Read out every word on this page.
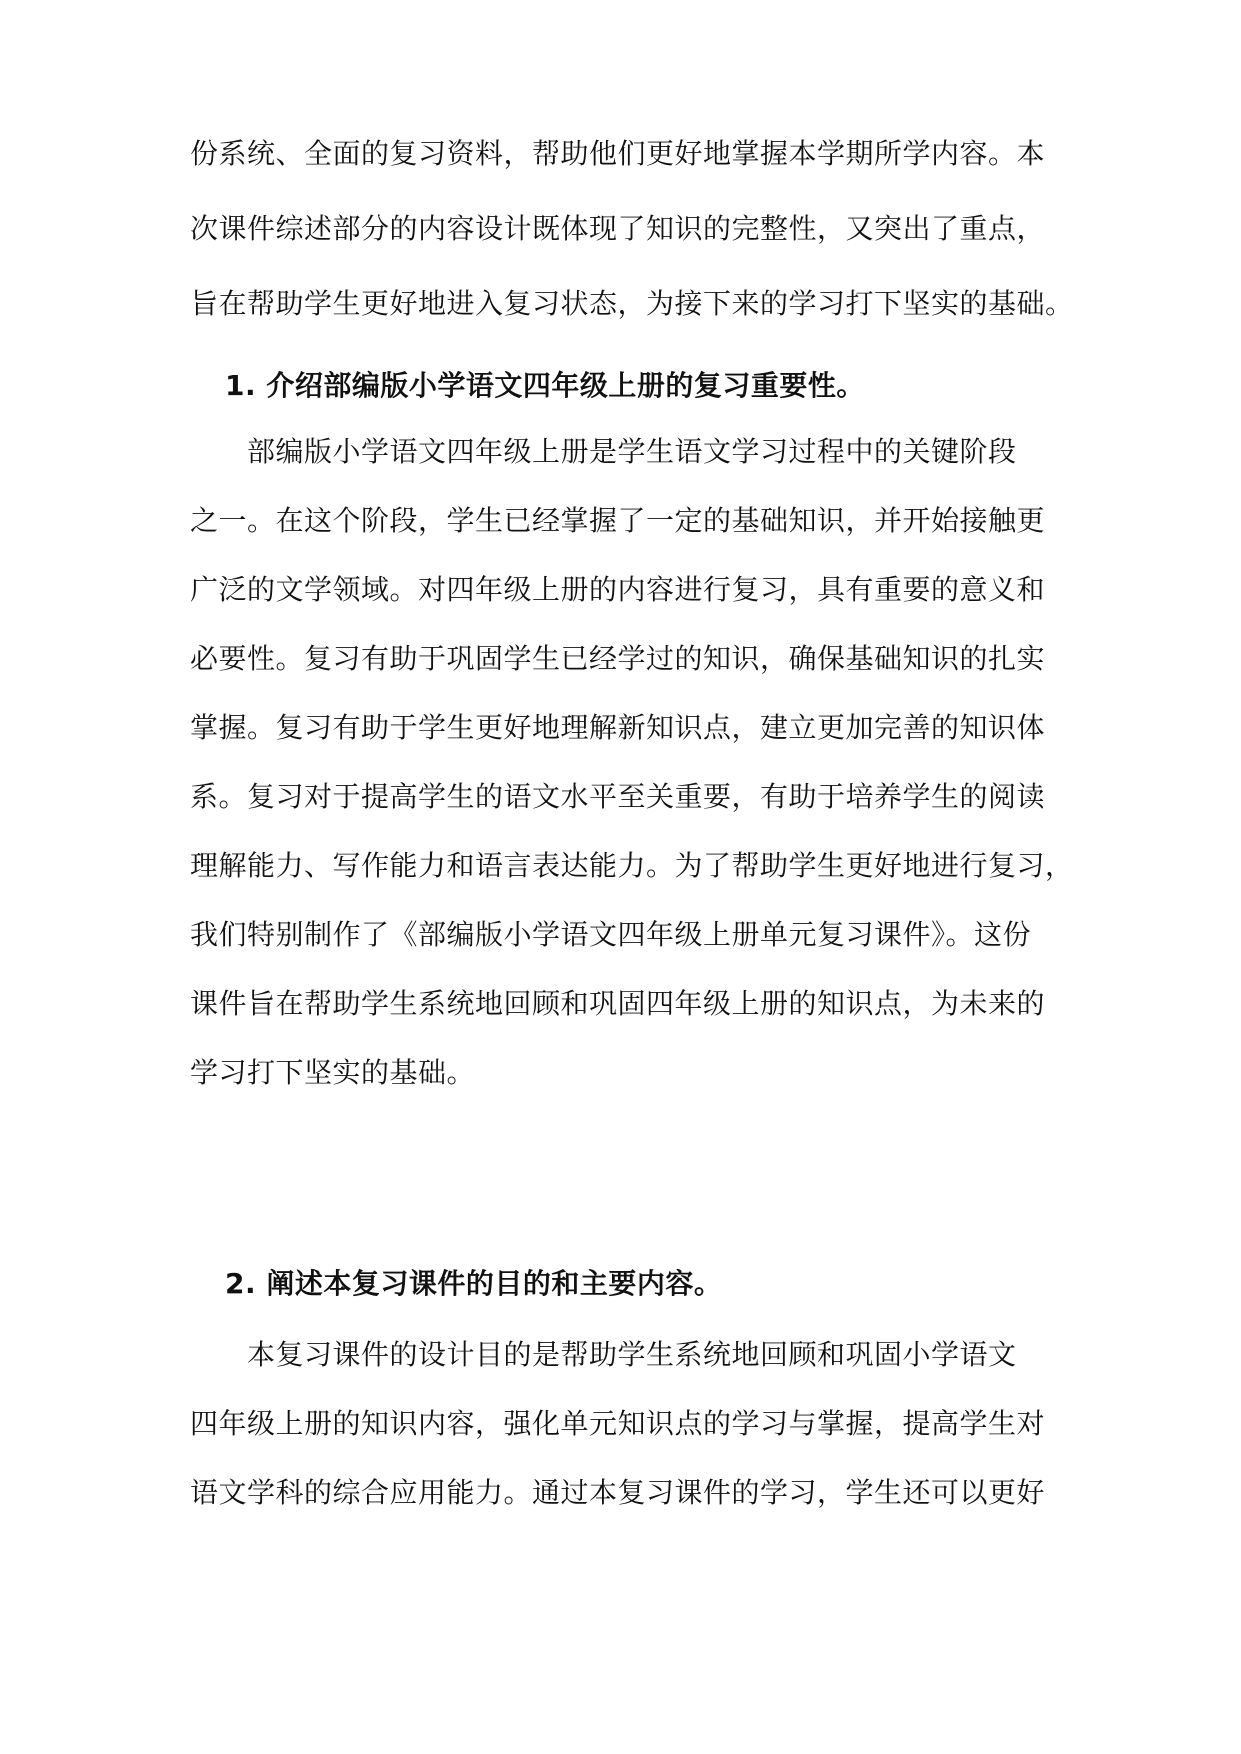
份系统、全面的复习资料，帮助他们更好地掌握本学期所学内容。本
次课件综述部分的内容设计既体现了知识的完整性，又突出了重点，
旨在帮助学生更好地进入复习状态，为接下来的学习打下坚实的基础。
1. 介绍部编版小学语文四年级上册的复习重要性。
　　部编版小学语文四年级上册是学生语文学习过程中的关键阶段
之一。在这个阶段，学生已经掌握了一定的基础知识，并开始接触更
广泛的文学领域。对四年级上册的内容进行复习，具有重要的意义和
必要性。复习有助于巩固学生已经学过的知识，确保基础知识的扎实
掌握。复习有助于学生更好地理解新知识点，建立更加完善的知识体
系。复习对于提高学生的语文水平至关重要，有助于培养学生的阅读
理解能力、写作能力和语言表达能力。为了帮助学生更好地进行复习，
我们特别制作了《部编版小学语文四年级上册单元复习课件》。这份
课件旨在帮助学生系统地回顾和巩固四年级上册的知识点，为未来的
学习打下坚实的基础。
2. 阐述本复习课件的目的和主要内容。
　　本复习课件的设计目的是帮助学生系统地回顾和巩固小学语文
四年级上册的知识内容，强化单元知识点的学习与掌握，提高学生对
语文学科的综合应用能力。通过本复习课件的学习，学生还可以更好
